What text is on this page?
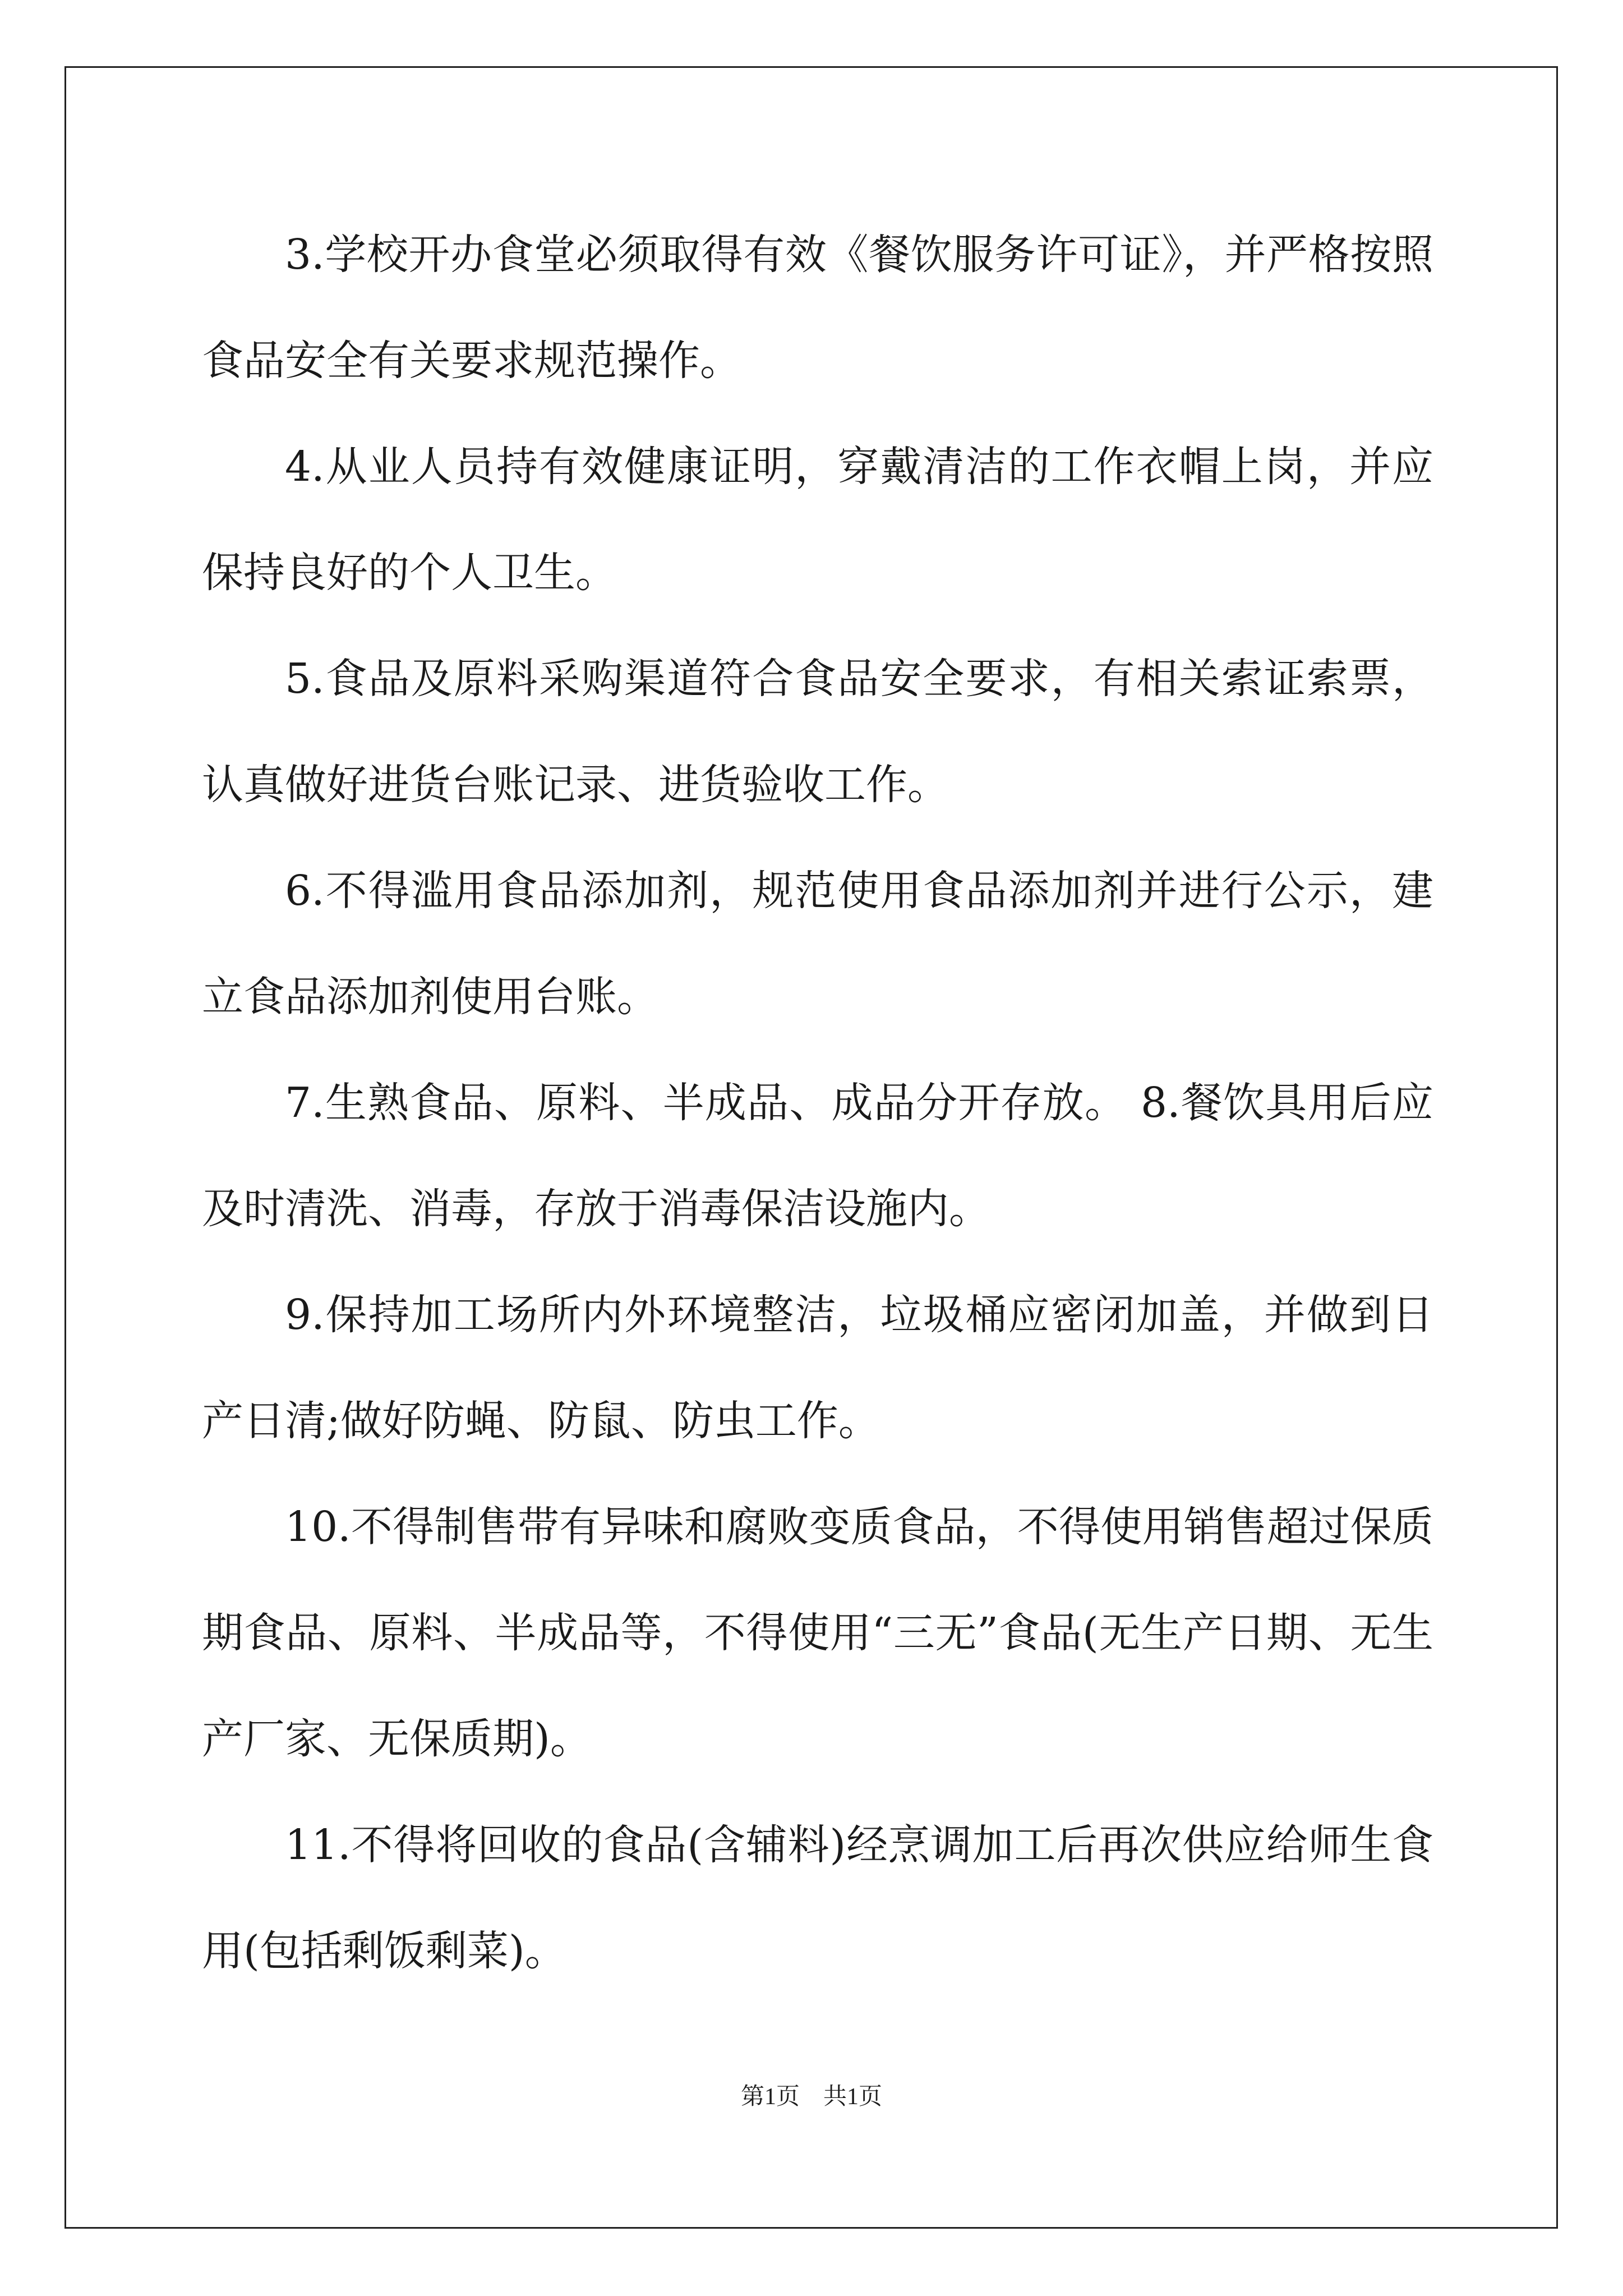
3.学校开办食堂必须取得有效《餐饮服务许可证》，并严格按照食品安全有关要求规范操作。

4.从业人员持有效健康证明，穿戴清洁的工作衣帽上岗，并应保持良好的个人卫生。

5.食品及原料采购渠道符合食品安全要求，有相关索证索票，认真做好进货台账记录、进货验收工作。

6.不得滥用食品添加剂，规范使用食品添加剂并进行公示，建立食品添加剂使用台账。

7.生熟食品、原料、半成品、成品分开存放。 8.餐饮具用后应及时清洗、消毒，存放于消毒保洁设施内。

9.保持加工场所内外环境整洁，垃圾桶应密闭加盖，并做到日产日清;做好防蝇、防鼠、防虫工作。

10.不得制售带有异味和腐败变质食品，不得使用销售超过保质期食品、原料、半成品等，不得使用“三无”食品(无生产日期、无生产厂家、无保质期)。

11.不得将回收的食品(含辅料)经烹调加工后再次供应给师生食用(包括剩饭剩菜)。

第1页　共1页
